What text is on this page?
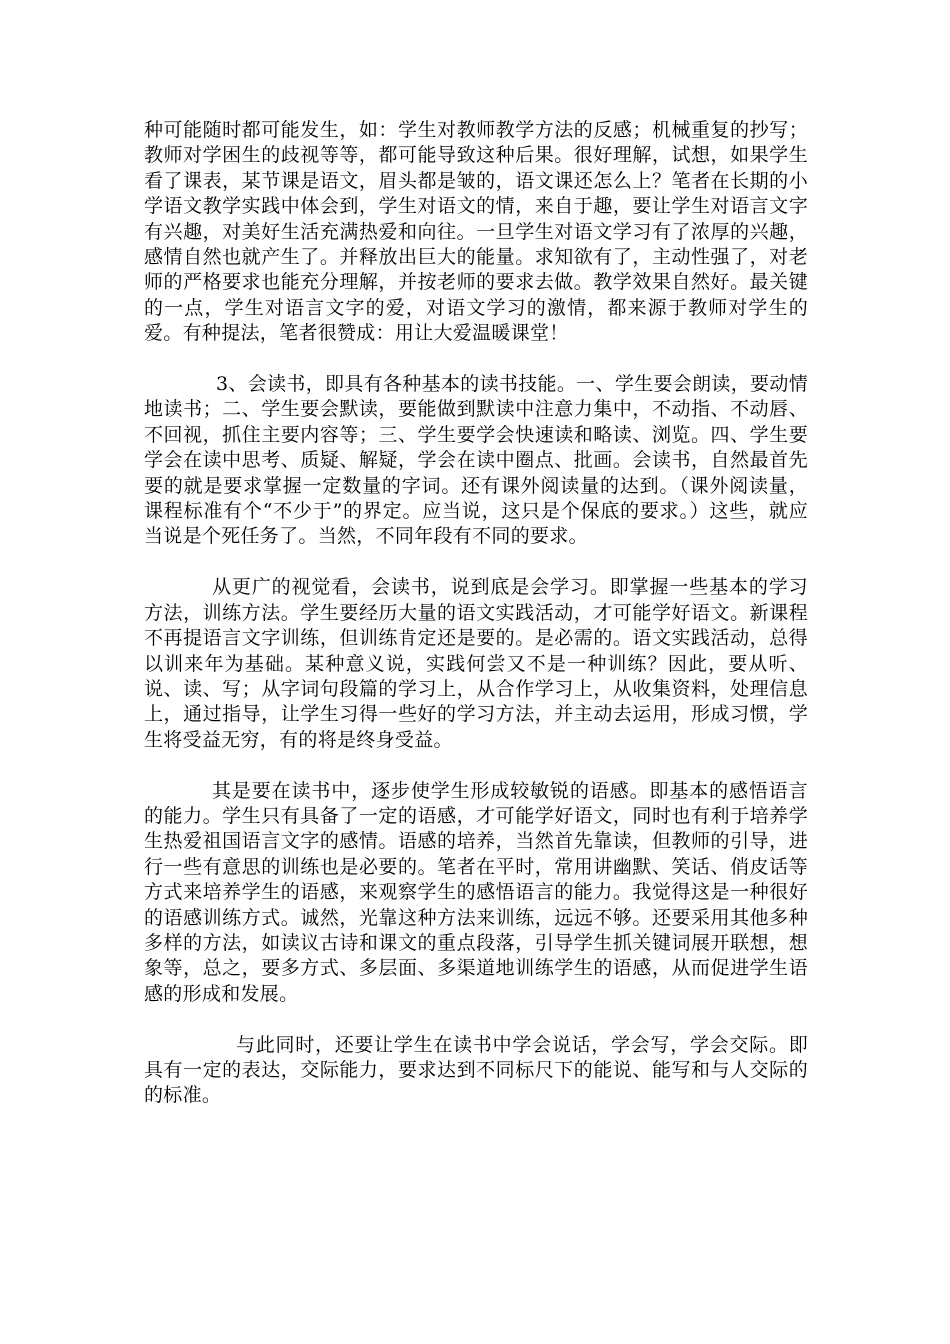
种可能随时都可能发生，如：学生对教师教学方法的反感；机械重复的抄写；教师对学困生的歧视等等，都可能导致这种后果。很好理解，试想，如果学生看了课表，某节课是语文，眉头都是皱的，语文课还怎么上？笔者在长期的小学语文教学实践中体会到，学生对语文的情，来自于趣，要让学生对语言文字有兴趣，对美好生活充满热爱和向往。一旦学生对语文学习有了浓厚的兴趣，感情自然也就产生了。并释放出巨大的能量。求知欲有了，主动性强了，对老师的严格要求也能充分理解，并按老师的要求去做。教学效果自然好。最关键的一点，学生对语言文字的爱，对语文学习的激情，都来源于教师对学生的爱。有种提法，笔者很赞成：用让大爱温暖课堂！

3、会读书，即具有各种基本的读书技能。一、学生要会朗读，要动情地读书；二、学生要会默读，要能做到默读中注意力集中，不动指、不动唇、不回视，抓住主要内容等；三、学生要学会快速读和略读、浏览。四、学生要学会在读中思考、质疑、解疑，学会在读中圈点、批画。会读书，自然最首先要的就是要求掌握一定数量的字词。还有课外阅读量的达到。（课外阅读量，课程标准有个“不少于”的界定。应当说，这只是个保底的要求。）这些，就应当说是个死任务了。当然，不同年段有不同的要求。

从更广的视觉看，会读书，说到底是会学习。即掌握一些基本的学习方法，训练方法。学生要经历大量的语文实践活动，才可能学好语文。新课程不再提语言文字训练，但训练肯定还是要的。是必需的。语文实践活动，总得以训来年为基础。某种意义说，实践何尝又不是一种训练？因此，要从听、说、读、写；从字词句段篇的学习上，从合作学习上，从收集资料，处理信息上，通过指导，让学生习得一些好的学习方法，并主动去运用，形成习惯，学生将受益无穷，有的将是终身受益。

其是要在读书中，逐步使学生形成较敏锐的语感。即基本的感悟语言的能力。学生只有具备了一定的语感，才可能学好语文，同时也有利于培养学生热爱祖国语言文字的感情。语感的培养，当然首先靠读，但教师的引导，进行一些有意思的训练也是必要的。笔者在平时，常用讲幽默、笑话、俏皮话等方式来培养学生的语感，来观察学生的感悟语言的能力。我觉得这是一种很好的语感训练方式。诚然，光靠这种方法来训练，远远不够。还要采用其他多种多样的方法，如读议古诗和课文的重点段落，引导学生抓关键词展开联想，想象等，总之，要多方式、多层面、多渠道地训练学生的语感，从而促进学生语感的形成和发展。

与此同时，还要让学生在读书中学会说话，学会写，学会交际。即具有一定的表达，交际能力，要求达到不同标尺下的能说、能写和与人交际的的标准。
